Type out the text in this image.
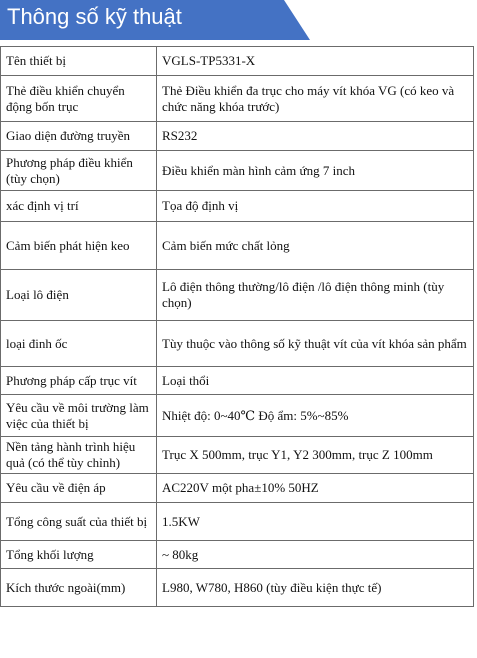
Thông số kỹ thuật
Tên thiết bị	VGLS-TP5331-X
Thẻ điều khiển chuyển động bốn trục	Thẻ Điều khiển đa trục cho máy vít khóa VG (có keo và chức năng khóa trước)
Giao diện đường truyền	RS232
Phương pháp điều khiển (tùy chọn)	Điều khiển màn hình cảm ứng 7 inch
xác định vị trí	Tọa độ định vị
Cảm biến phát hiện keo	Cảm biến mức chất lỏng
Loại lô điện	Lô điện thông thường/lô điện /lô điện thông minh (tùy chọn)
loại đinh ốc	Tùy thuộc vào thông số kỹ thuật vít của vít khóa sản phẩm
Phương pháp cấp trục vít	Loại thổi
Yêu cầu về môi trường làm việc của thiết bị	Nhiệt độ: 0~40℃ Độ ẩm: 5%~85%
Nền tảng hành trình hiệu quả (có thể tùy chỉnh)	Trục X 500mm, trục Y1, Y2 300mm, trục Z 100mm
Yêu cầu về điện áp	AC220V một pha±10% 50HZ
Tổng công suất của thiết bị	1.5KW
Tổng khối lượng	~ 80kg
Kích thước ngoài(mm)	L980, W780, H860 (tùy điều kiện thực tế)
